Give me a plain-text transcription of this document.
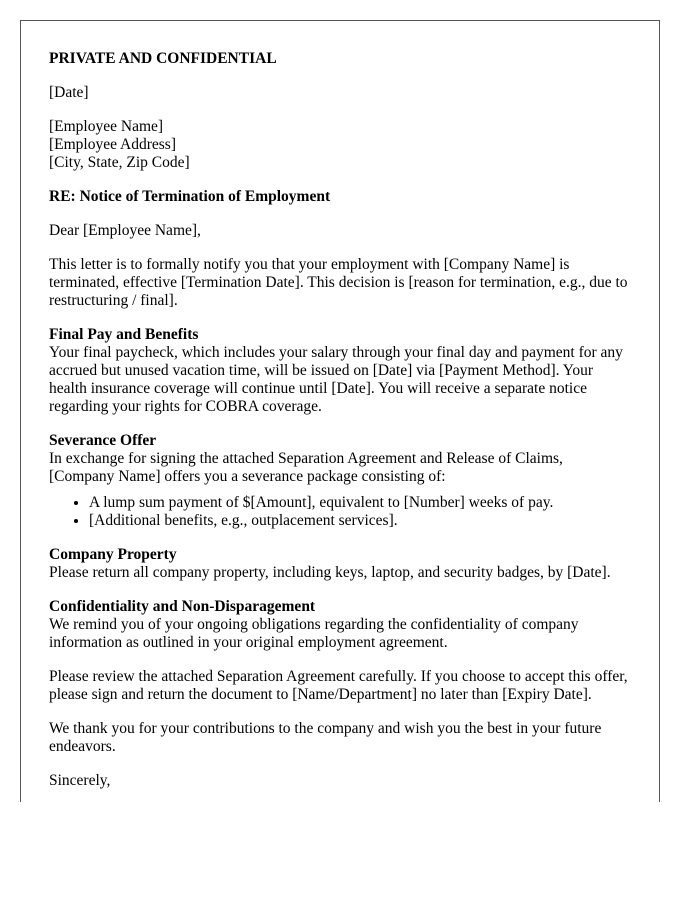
PRIVATE AND CONFIDENTIAL

[Date]

[Employee Name]
[Employee Address]
[City, State, Zip Code]

RE: Notice of Termination of Employment

Dear [Employee Name],

This letter is to formally notify you that your employment with [Company Name] is terminated, effective [Termination Date]. This decision is [reason for termination, e.g., due to restructuring / final].

Final Pay and Benefits
Your final paycheck, which includes your salary through your final day and payment for any accrued but unused vacation time, will be issued on [Date] via [Payment Method]. Your health insurance coverage will continue until [Date]. You will receive a separate notice regarding your rights for COBRA coverage.

Severance Offer
In exchange for signing the attached Separation Agreement and Release of Claims, [Company Name] offers you a severance package consisting of:

• A lump sum payment of $[Amount], equivalent to [Number] weeks of pay.
• [Additional benefits, e.g., outplacement services].

Company Property
Please return all company property, including keys, laptop, and security badges, by [Date].

Confidentiality and Non-Disparagement
We remind you of your ongoing obligations regarding the confidentiality of company information as outlined in your original employment agreement.

Please review the attached Separation Agreement carefully. If you choose to accept this offer, please sign and return the document to [Name/Department] no later than [Expiry Date].

We thank you for your contributions to the company and wish you the best in your future endeavors.

Sincerely,
